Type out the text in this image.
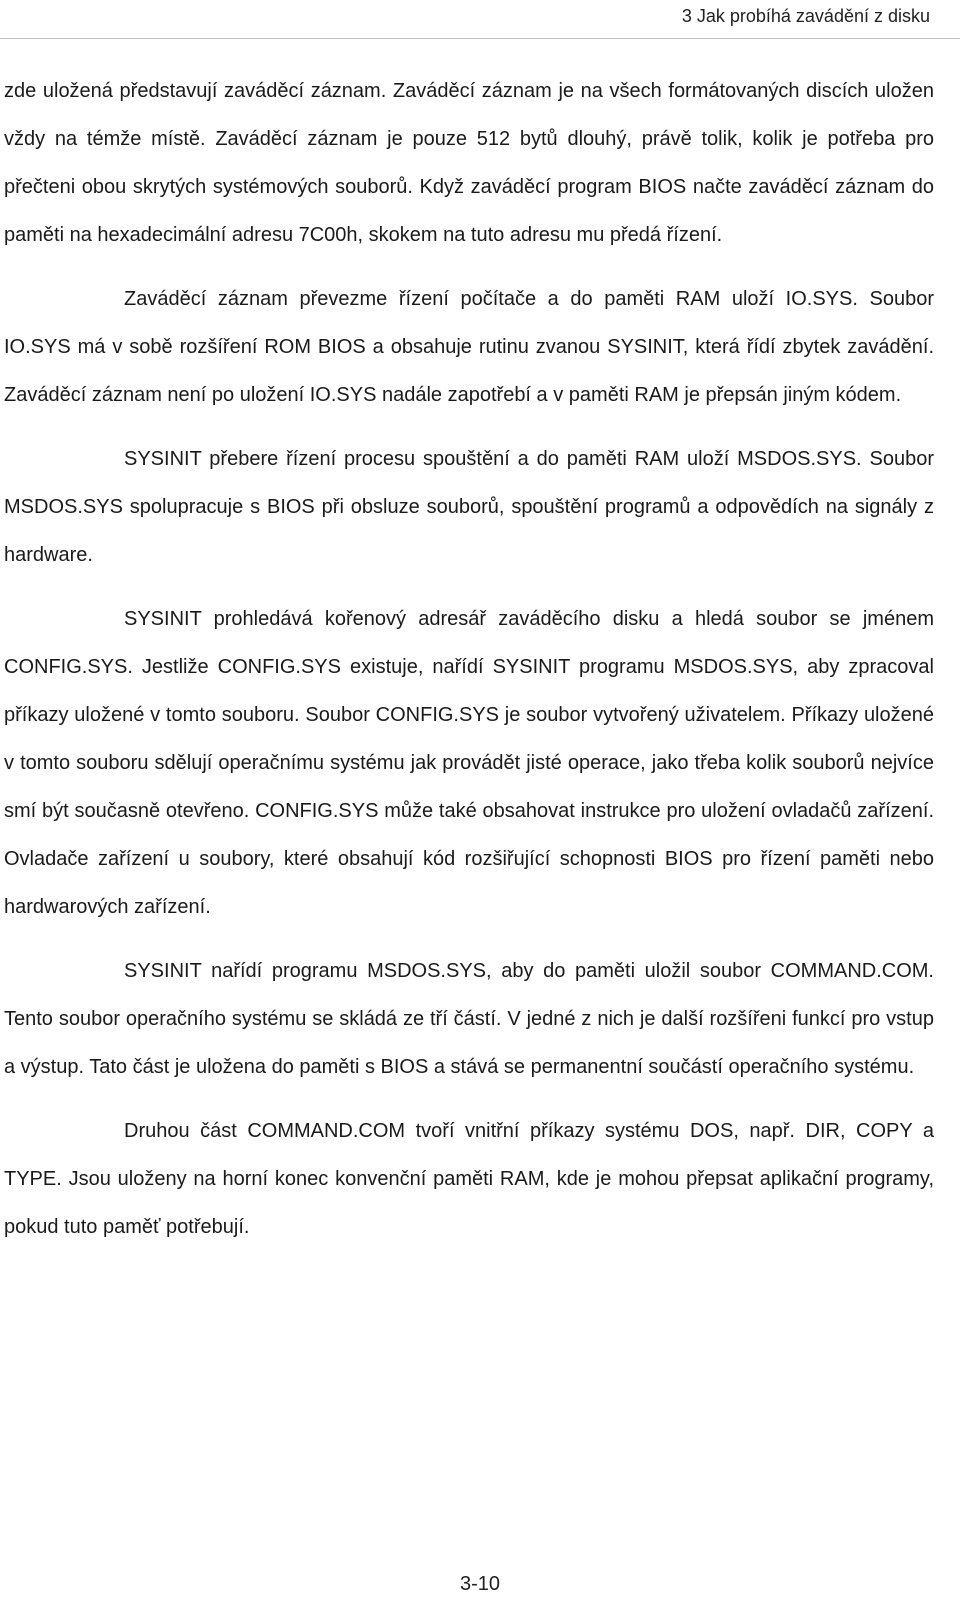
3 Jak probíhá zavádění z disku

zde uložená představují zaváděcí záznam. Zaváděcí záznam je na všech formátovaných discích uložen vždy na témže místě. Zaváděcí záznam je pouze 512 bytů dlouhý, právě tolik, kolik je potřeba pro přečteni obou skrytých systémových souborů. Když zaváděcí program BIOS načte zaváděcí záznam do paměti na hexadecimální adresu 7C00h, skokem na tuto adresu mu předá řízení.

Zaváděcí záznam převezme řízení počítače a do paměti RAM uloží IO.SYS. Soubor IO.SYS má v sobě rozšíření ROM BIOS a obsahuje rutinu zvanou SYSINIT, která řídí zbytek zavádění. Zaváděcí záznam není po uložení IO.SYS nadále zapotřebí a v paměti RAM je přepsán jiným kódem.

SYSINIT přebere řízení procesu spouštění a do paměti RAM uloží MSDOS.SYS. Soubor MSDOS.SYS spolupracuje s BIOS při obsluze souborů, spouštění programů a odpovědích na signály z hardware.

SYSINIT prohledává kořenový adresář zaváděcího disku a hledá soubor se jménem CONFIG.SYS. Jestliže CONFIG.SYS existuje, nařídí SYSINIT programu MSDOS.SYS, aby zpracoval příkazy uložené v tomto souboru. Soubor CONFIG.SYS je soubor vytvořený uživatelem. Příkazy uložené v tomto souboru sdělují operačnímu systému jak provádět jisté operace, jako třeba kolik souborů nejvíce smí být současně otevřeno. CONFIG.SYS může také obsahovat instrukce pro uložení ovladačů zařízení. Ovladače zařízení u soubory, které obsahují kód rozšiřující schopnosti BIOS pro řízení paměti nebo hardwarových zařízení.

SYSINIT nařídí programu MSDOS.SYS, aby do paměti uložil soubor COMMAND.COM. Tento soubor operačního systému se skládá ze tří částí. V jedné z nich je další rozšířeni funkcí pro vstup a výstup. Tato část je uložena do paměti s BIOS a stává se permanentní součástí operačního systému.

Druhou část COMMAND.COM tvoří vnitřní příkazy systému DOS, např. DIR, COPY a TYPE. Jsou uloženy na horní konec konvenční paměti RAM, kde je mohou přepsat aplikační programy, pokud tuto paměť potřebují.

3-10
